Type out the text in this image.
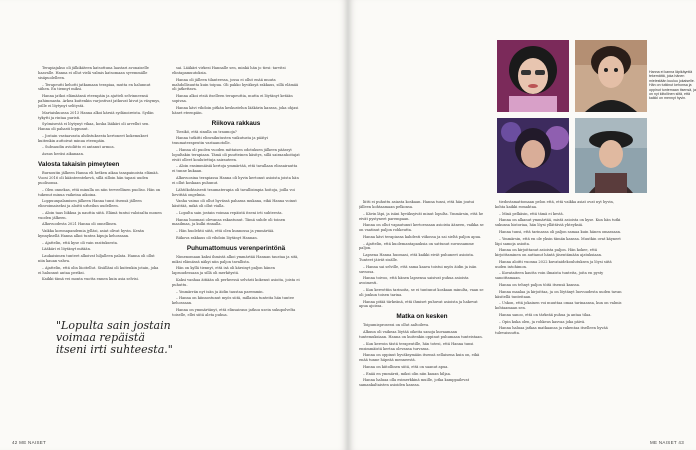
Terapiajakso oli jälkikäteen katsottuna laastari avonaiselle haavalle. Hanna ei ollut vielä valmis katsomaan syvemmälle sisäpuolelleen.

– Terapeutti kehotti jatkamaan terapiaa, mutta en halunnut siihen. En tiennyt miksi.

Hanna jatkoi elämäänsä eteenpäin ja ajatteli selvinneensä pahimmasta. Arkea kuitenkin varjostivat jatkuvat kivut ja väsymys, joille ei löytynyt selitystä.

Martaiskuussa 2013 Hanna alkoi kärsiä sydänoireista. Sydän tykytti ja rintaa puristi.

Syömisestä ei löytynyt vikaa, koska lääkäri oli arvellut sen. Hanna oli pahasti loppunut.

– Jostain vastaavasta ahdistuksesta kertoneet kokemukset kuitenkin auttoivat minua eteenpäin.

– Subsaudin avioliitto ei antanut armoa.

Avaus heräsi aikanaan.

Valosta takaisin pimeyteen

Burnoutin jälkeen Hanna eli hetken aikaa tasapainoista elämää. Vuosi 2016 oli käänteentekevä, sillä silloin hän tapasi uuden puolisonsa.

– Olen onnekas, että minulla on niin terveellinen puoliso. Hän on tukenut minua vaikeina aikoina.

Loppuunpalamisen jälkeen Hanna tunsi itsensä jälleen elinvoimaiseksi ja aloitti urheilun uudelleen.

– Aloin taas liikkua ja nauttia siitä. Elämä tuntui valoisalta monen vuoden jälkeen.

Alkuvuodesta 2021 Hanna oli onnellinen.

Vaikka koronapandemia jylläsi, asiat olivat hyvin. Kesän kynnyksellä Hanna alkoi tuntea kipuja kehossaan.

– Ajattelin, että kyse oli vain rasituksesta.

Lääkäri ei löytänyt mitään.

Laukaisimen tunteet alkoivat hiljalleen palata. Hanna oli ollut niin kauan vahva.

– Ajattelin, että olin liioitellut. Sisälläni oli kuitenkin jotain, joka ei halunnut antaa periksi.

Kaikki tämä vei monta vuotta ennen kuin asia selvisi.

sai. Lääkäri virkesi Hannalle sen, minkä hän jo tiesi: tarvitsi elintapamuutoksia.

Hanna oli jälleen tilanteessa, jossa ei ollut enää muuta mahdollisuutta kuin toipua. Oli pakko hyväksyä rakkaus, sillä elämää oli jatkettava.

Hanna alkoi etsiä itselleen terapeuttia, mutta ei löytänyt ketään sopivaa.

Hanna kävi vihdoin pitkän keskustelun lääkärin kanssa, joka ohjasi hänet eteenpäin.

Riikova rakkaus

Tiesikö, että sinulla on traumoja?

Hanna tutkitti elinvaikutusten vaikutusta ja päätyi traumaterapeutin vastaanotolle.

– Hanna oli puolen vuoden mittaisen odotuksen jälkeen päässyt lopultakin terapiaan. Tämä oli puutteinen käsitys, sillä sairaanhoitajat eivät olleet koulutettuja sairauteen.

– Aloin ensimmäisiä kertoja ymmärtää, että tavallaan elinsairautta ei tunne kukaan.

Alkuvuosina terapiassa Hanna oli hyvin kertonut asioista joista hän ei ollut koskaan puhunut.

Lähtökohtaisesti traumaterapia oli tavallisimpia hoitoja, joilla voi lievittää ongelmia.

Vanha vaimo oli ollut hyvässä pahassa mukana, eikä Hanna voinut käsittää, mikä oli ollut vialla.

– Lopulta sain jostain voimaa repäistä itseni irti suhteesta.

Hanna huomasi olevansa rakastunut. Tämä suhde oli toinen maailmaa, ja kulki rinnalla.

– Hän huolehtii siitä, että olen kunnossa ja ymmärtää.

Riikova rakkaus oli vihdoin löytänyt Hannan.

Puhumattomuus verenperintönä

Nimenomaan kaksi ihmistä alkoi ymmärtää Hannan taustaa ja sitä, miksi elämässä näkyi niin paljon tavallista.

Hän on kyllä tiennyt, että isä oli kärsinyt paljon hänen lapsuudessaan ja sillä oli merkitystä.

Kaksi vanhaa äitiään oli perheessä selvästi kokenut asioita, joista ei puhuttu.

– Ymmärrän nyt isän ja äidin taustaa paremmin.

– Hanna on kiinnostunut myös siitä, millaisia tunteita hän tuntee kehossaan.

Hanna on ymmärtänyt, että elinsairaus jatkuu usein sukupolvelta toiselle, ellei siitä aleta puhua.

"Lopulta sain jostain voimaa repäistä itseni irti suhteesta."
42 ME NAISET
Hanna ei kanna läpikäyntiä tekemättä, joka hänen mielestään kuuluu jokaiselle. Hän on tutkinut kehonsa ja oppinut tuntemaan itsensä, ja on nyt kiitollinen siitä, että kaikki on mennyt hyvin.

liitti ei puhuttu asiasta koskaan. Hanna tunsi, että hän joutui jälleen kohtaamaan pelkonsa.

– Kävin läpi, ja isäni hyväksyivät minut lopulta. Ymmärsin, että he eivät pystyneet parempaan.

Hanna on ollut vapautunut kertoessaan asioista ääneen, vaikka se on vaatinut paljon rohkeutta.

Hanna kävi terapiassa kahdesti viikossa ja sai sieltä paljon apua.

– Ajattelin, että kuolemantapauksia on sattunut suvussamme paljon.

Lapsena Hanna huomasi, että kaikki eivät puhuneet asioista. Tunteet jäivät sisälle.

– Hanna sai selville, että sama kaava toistui myös äidin ja isän suvussa.

Hanna toivoo, että hänen lapsensa saisivat puhua asioista avoimesti.

– Kun kerrottiin tarinoita, se ei tuntunut koskaan minulta, vaan se oli jonkun toisen tarina.

Hanna pitää tärkeänä, että ihmiset puhuvat asioista ja hakevat apua ajoissa.

Matka on kesken

Toipumisprosessi on ollut aaltoileva.

Alkuun oli vaikeaa löytää oikeita sanoja kuvaamaan tuntemuksiaan. Hanna on kuitenkin oppinut puhumaan tunteistaan.

– Kun kerroin tästä terapeutille, hän totesi, että Hanna tunsi ensimmäistä kertaa olevansa turvassa.

Hanna on oppinut hyväksymään itsensä sellaisena kuin on, eikä enää tunne häpeää menneestä.

Hanna on kiitollinen siitä, että on saanut apua.

– Enää en ymmärrä, miksi olin niin kauan hiljaa.

Hanna haluaa olla esimerkkinä muille, jotka kamppailevat samankaltaisten asioiden kanssa.

tiedostamattomaan pelon että, että vaikka asiat ovat nyt hyvin, kohta kaikki romahtaa.

– Minä pelkäsin, että tämä ei kestä.

Hanna on alkanut ymmärtää, mistä asioista on kyse. Kun hän tutki sukunsa historiaa, hän löysi yllättäviä yhteyksiä.

Hanna tunsi, että tarinassa oli paljon samaa kuin hänen omassaan.

– Ymmärsin, että en ole yksin tämän kanssa. Muutkin ovat käyneet läpi samoja asioita.

Hanna on kirjoittanut asioista paljon. Hän kokee, että kirjoittaminen on auttanut häntä jäsentämään ajatuksiaan.

Hanna aloitti vuonna 2022 kuvataidekoulutuksen ja löysi siitä uuden intohimon.

– Kuvataiteen kautta voin ilmaista tunteita, joita en pysty sanoittamaan.

Hanna on tehnyt paljon töitä itsensä kanssa.

Hanna maalaa ja kirjoittaa, ja on löytänyt luovuudesta uuden tavan käsitellä tunteitaan.

– Uskon, että jokainen voi muuttaa omaa tarinaansa, kun on valmis kohtaamaan sen.

Hanna sanoo, että on tärkeää puhua ja antaa tilaa.

– Opin kuka olen, ja rohkeus kasvaa joka päivä.

Hanna haluaa jatkaa matkaansa ja rakentaa itselleen hyvää tulevaisuutta.

ME NAISET 43
